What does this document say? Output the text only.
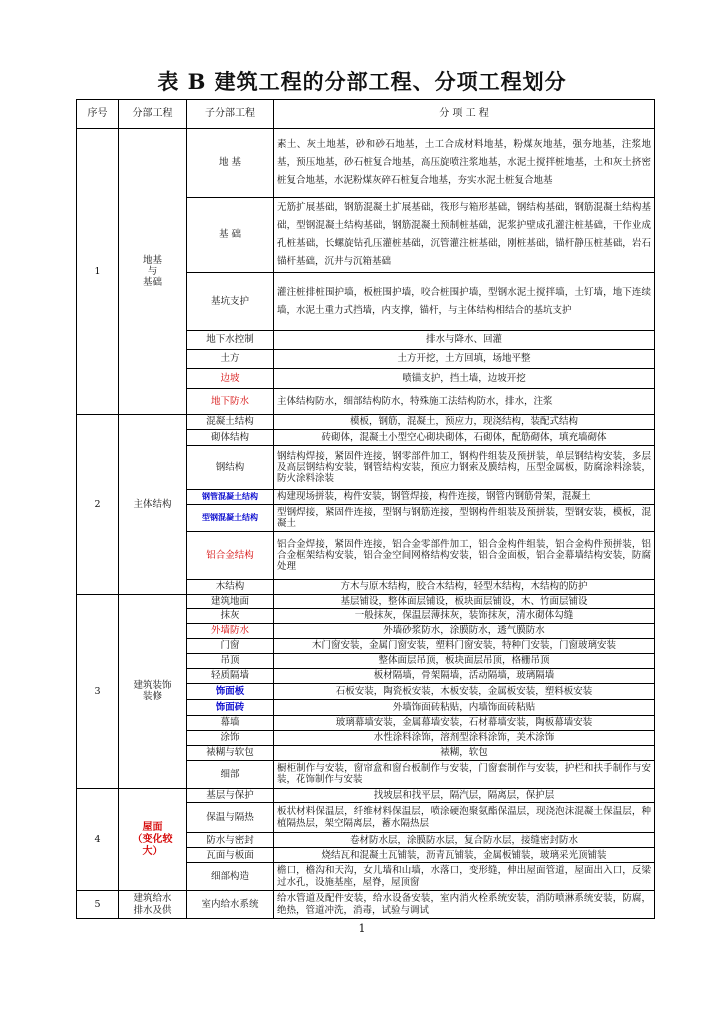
表 B 建筑工程的分部工程、分项工程划分
序号	分部工程	子分部工程	分 项 工 程
1	地基
与
基础	地 基	素土、灰土地基，砂和砂石地基，土工合成材料地基，粉煤灰地基，强夯地基，注浆地基，预压地基，砂石桩复合地基，高压旋喷注浆地基，水泥土搅拌桩地基，土和灰土挤密桩复合地基，水泥粉煤灰碎石桩复合地基，夯实水泥土桩复合地基
		基 础	无筋扩展基础，钢筋混凝土扩展基础，筏形与箱形基础，钢结构基础，钢筋混凝土结构基础，型钢混凝土结构基础，钢筋混凝土预制桩基础，泥浆护壁成孔灌注桩基础，干作业成孔桩基础，长螺旋钻孔压灌桩基础，沉管灌注桩基础，刚桩基础，锚杆静压桩基础，岩石锚杆基础，沉井与沉箱基础
		基坑支护	灌注桩排桩围护墙，板桩围护墙，咬合桩围护墙，型钢水泥土搅拌墙，土钉墙，地下连续墙，水泥土重力式挡墙，内支撑，锚杆，与主体结构相结合的基坑支护
		地下水控制	排水与降水、回灌
		土方	土方开挖，土方回填，场地平整
		边坡	喷锚支护，挡土墙，边坡开挖
		地下防水	主体结构防水，细部结构防水，特殊施工法结构防水，排水，注浆
2	主体结构	混凝土结构	模板，钢筋，混凝土，预应力，现浇结构，装配式结构
		砌体结构	砖砌体，混凝土小型空心砌块砌体，石砌体，配筋砌体，填充墙砌体
		钢结构	钢结构焊接，紧固件连接，钢零部件加工，钢构件组装及预拼装，单层钢结构安装，多层及高层钢结构安装，钢管结构安装，预应力钢索及膜结构，压型金属板，防腐涂料涂装，防火涂料涂装
		钢管混凝土结构	构建现场拼装，构件安装，钢管焊接，构件连接，钢管内钢筋骨架，混凝土
		型钢混凝土结构	型钢焊接，紧固件连接，型钢与钢筋连接，型钢构件组装及预拼装，型钢安装，模板，混凝土
		铝合金结构	铝合金焊接，紧固件连接，铝合金零部件加工，铝合金构件组装，铝合金构件预拼装，铝合金框架结构安装，铝合金空间网格结构安装，铝合金面板，铝合金幕墙结构安装，防腐处理
		木结构	方木与原木结构，胶合木结构，轻型木结构，木结构的防护
3	建筑装饰
装修	建筑地面	基层铺设，整体面层铺设，板块面层铺设，木、竹面层铺设
		抹灰	一般抹灰，保温层薄抹灰，装饰抹灰，清水砌体勾缝
		外墙防水	外墙砂浆防水，涂膜防水，透气膜防水
		门窗	木门窗安装，金属门窗安装，塑料门窗安装，特种门安装，门窗玻璃安装
		吊顶	整体面层吊顶，板块面层吊顶，格栅吊顶
		轻质隔墙	板材隔墙，骨架隔墙，活动隔墙，玻璃隔墙
		饰面板	石板安装，陶瓷板安装，木板安装，金属板安装，塑料板安装
		饰面砖	外墙饰面砖粘贴，内墙饰面砖粘贴
		幕墙	玻璃幕墙安装，金属幕墙安装，石材幕墙安装，陶板幕墙安装
		涂饰	水性涂料涂饰，溶剂型涂料涂饰，美术涂饰
		裱糊与软包	裱糊，软包
		细部	橱柜制作与安装，窗帘盒和窗台板制作与安装，门窗套制作与安装，护栏和扶手制作与安装，花饰制作与安装
4	屋面
（变化较
大）	基层与保护	找坡层和找平层，隔汽层，隔离层，保护层
		保温与隔热	板状材料保温层，纤维材料保温层，喷涂硬泡聚氨酯保温层，现浇泡沫混凝土保温层，种植隔热层，架空隔离层，蓄水隔热层
		防水与密封	卷材防水层，涂膜防水层，复合防水层，接缝密封防水
		瓦面与板面	烧结瓦和混凝土瓦铺装，沥青瓦铺装，金属板铺装，玻璃采光顶铺装
		细部构造	檐口，檐沟和天沟，女儿墙和山墙，水落口，变形缝，伸出屋面管道，屋面出入口，反梁过水孔，设施基座，屋脊，屋顶窗
5	建筑给水
排水及供	室内给水系统	给水管道及配件安装，给水设备安装，室内消火栓系统安装，消防喷淋系统安装，防腐，绝热，管道冲洗，消毒，试验与调试
1
